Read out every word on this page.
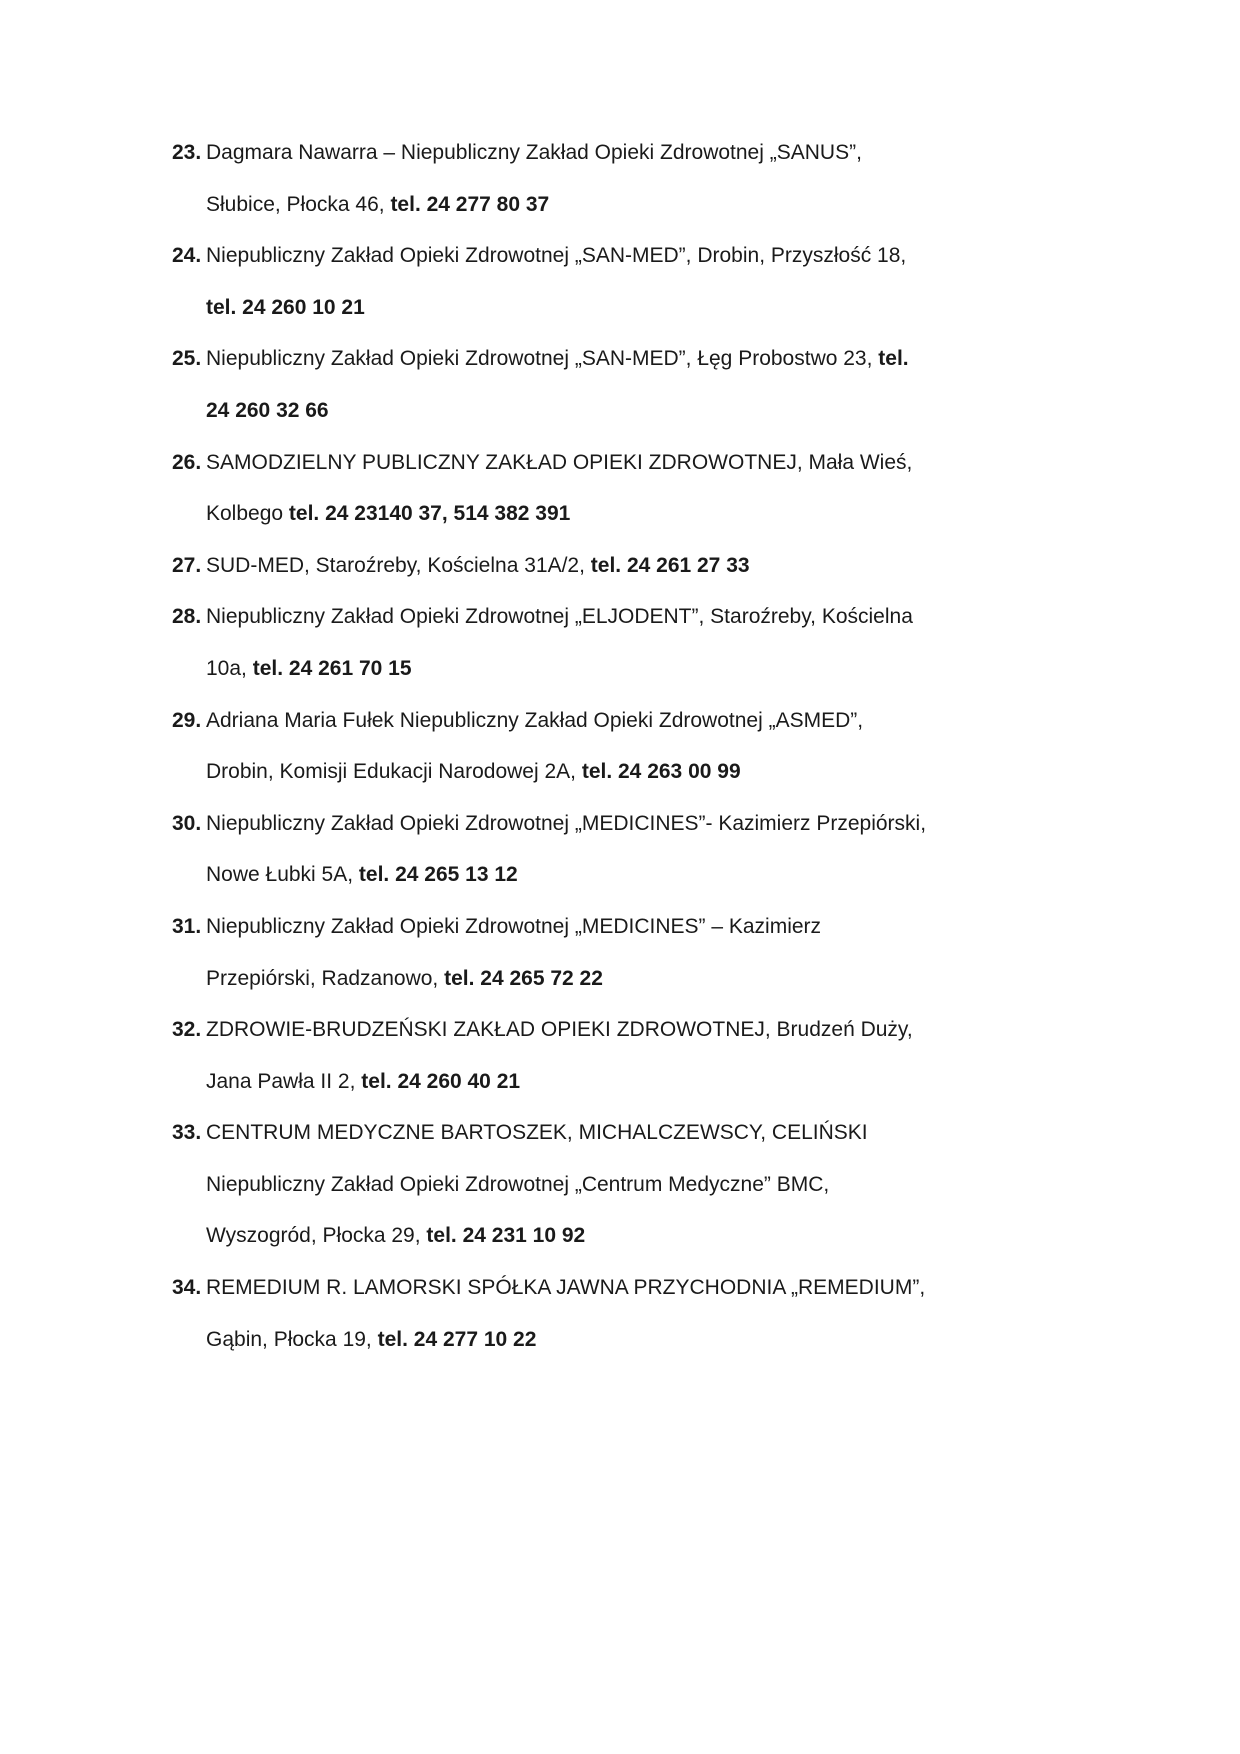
23. Dagmara Nawarra – Niepubliczny Zakład Opieki Zdrowotnej „SANUS”,
Słubice, Płocka 46, tel. 24 277 80 37
24. Niepubliczny Zakład Opieki Zdrowotnej „SAN-MED”, Drobin, Przyszłość 18,
tel. 24 260 10 21
25. Niepubliczny Zakład Opieki Zdrowotnej „SAN-MED”, Łęg Probostwo 23, tel.
24 260 32 66
26. SAMODZIELNY PUBLICZNY ZAKŁAD OPIEKI ZDROWOTNEJ, Mała Wieś,
Kolbego tel. 24 23140 37, 514 382 391
27. SUD-MED, Staroźreby, Kościelna 31A/2, tel. 24 261 27 33
28. Niepubliczny Zakład Opieki Zdrowotnej „ELJODENT”, Staroźreby, Kościelna
10a, tel. 24 261 70 15
29. Adriana Maria Fułek Niepubliczny Zakład Opieki Zdrowotnej „ASMED”,
Drobin, Komisji Edukacji Narodowej 2A, tel. 24 263 00 99
30. Niepubliczny Zakład Opieki Zdrowotnej „MEDICINES”- Kazimierz Przepiórski,
Nowe Łubki 5A, tel. 24 265 13 12
31. Niepubliczny Zakład Opieki Zdrowotnej „MEDICINES” – Kazimierz
Przepiórski, Radzanowo, tel. 24 265 72 22
32. ZDROWIE-BRUDZEŃSKI ZAKŁAD OPIEKI ZDROWOTNEJ, Brudzeń Duży,
Jana Pawła II 2, tel. 24 260 40 21
33. CENTRUM MEDYCZNE BARTOSZEK, MICHALCZEWSCY, CELIŃSKI
Niepubliczny Zakład Opieki Zdrowotnej „Centrum Medyczne” BMC,
Wyszogród, Płocka 29, tel. 24 231 10 92
34. REMEDIUM R. LAMORSKI SPÓŁKA JAWNA PRZYCHODNIA „REMEDIUM”,
Gąbin, Płocka 19, tel. 24 277 10 22
